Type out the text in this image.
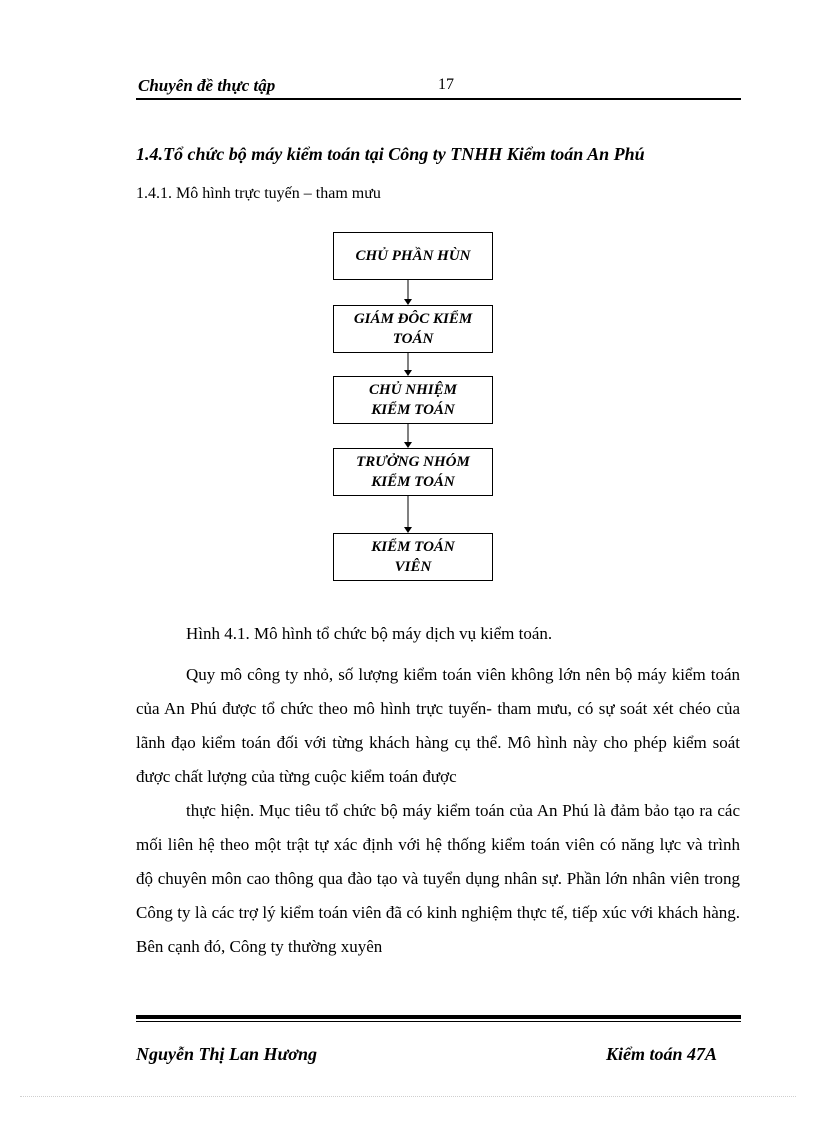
Chuyên đề thực tập	17
1.4.Tổ chức bộ máy kiểm toán tại Công ty TNHH Kiểm toán An Phú
1.4.1. Mô hình trực tuyến – tham mưu
CHỦ PHẦN HÙN
GIÁM ĐÔC KIỂM
TOÁN
CHỦ NHIỆM
KIỂM TOÁN
TRƯỞNG NHÓM
KIỂM TOÁN
KIỂM TOÁN
VIÊN
Hình 4.1. Mô hình tổ chức bộ máy dịch vụ kiểm toán.
Quy mô công ty nhỏ, số lượng kiểm toán viên không lớn nên bộ máy kiểm toán của An Phú được tổ chức theo mô hình trực tuyến- tham mưu, có sự soát xét chéo của lãnh đạo kiểm toán đối với từng khách hàng cụ thể. Mô hình này cho phép kiểm soát được chất lượng của từng cuộc kiểm toán được
thực hiện. Mục tiêu tổ chức bộ máy kiểm toán của An Phú là đảm bảo tạo ra các mối liên hệ theo một trật tự xác định với hệ thống kiểm toán viên có năng lực và trình độ chuyên môn cao thông qua đào tạo và tuyển dụng nhân sự. Phần lớn nhân viên trong Công ty là các trợ lý kiểm toán viên đã có kinh nghiệm thực tế, tiếp xúc với khách hàng. Bên cạnh đó, Công ty thường xuyên
Nguyễn Thị Lan Hương	Kiểm toán 47A
